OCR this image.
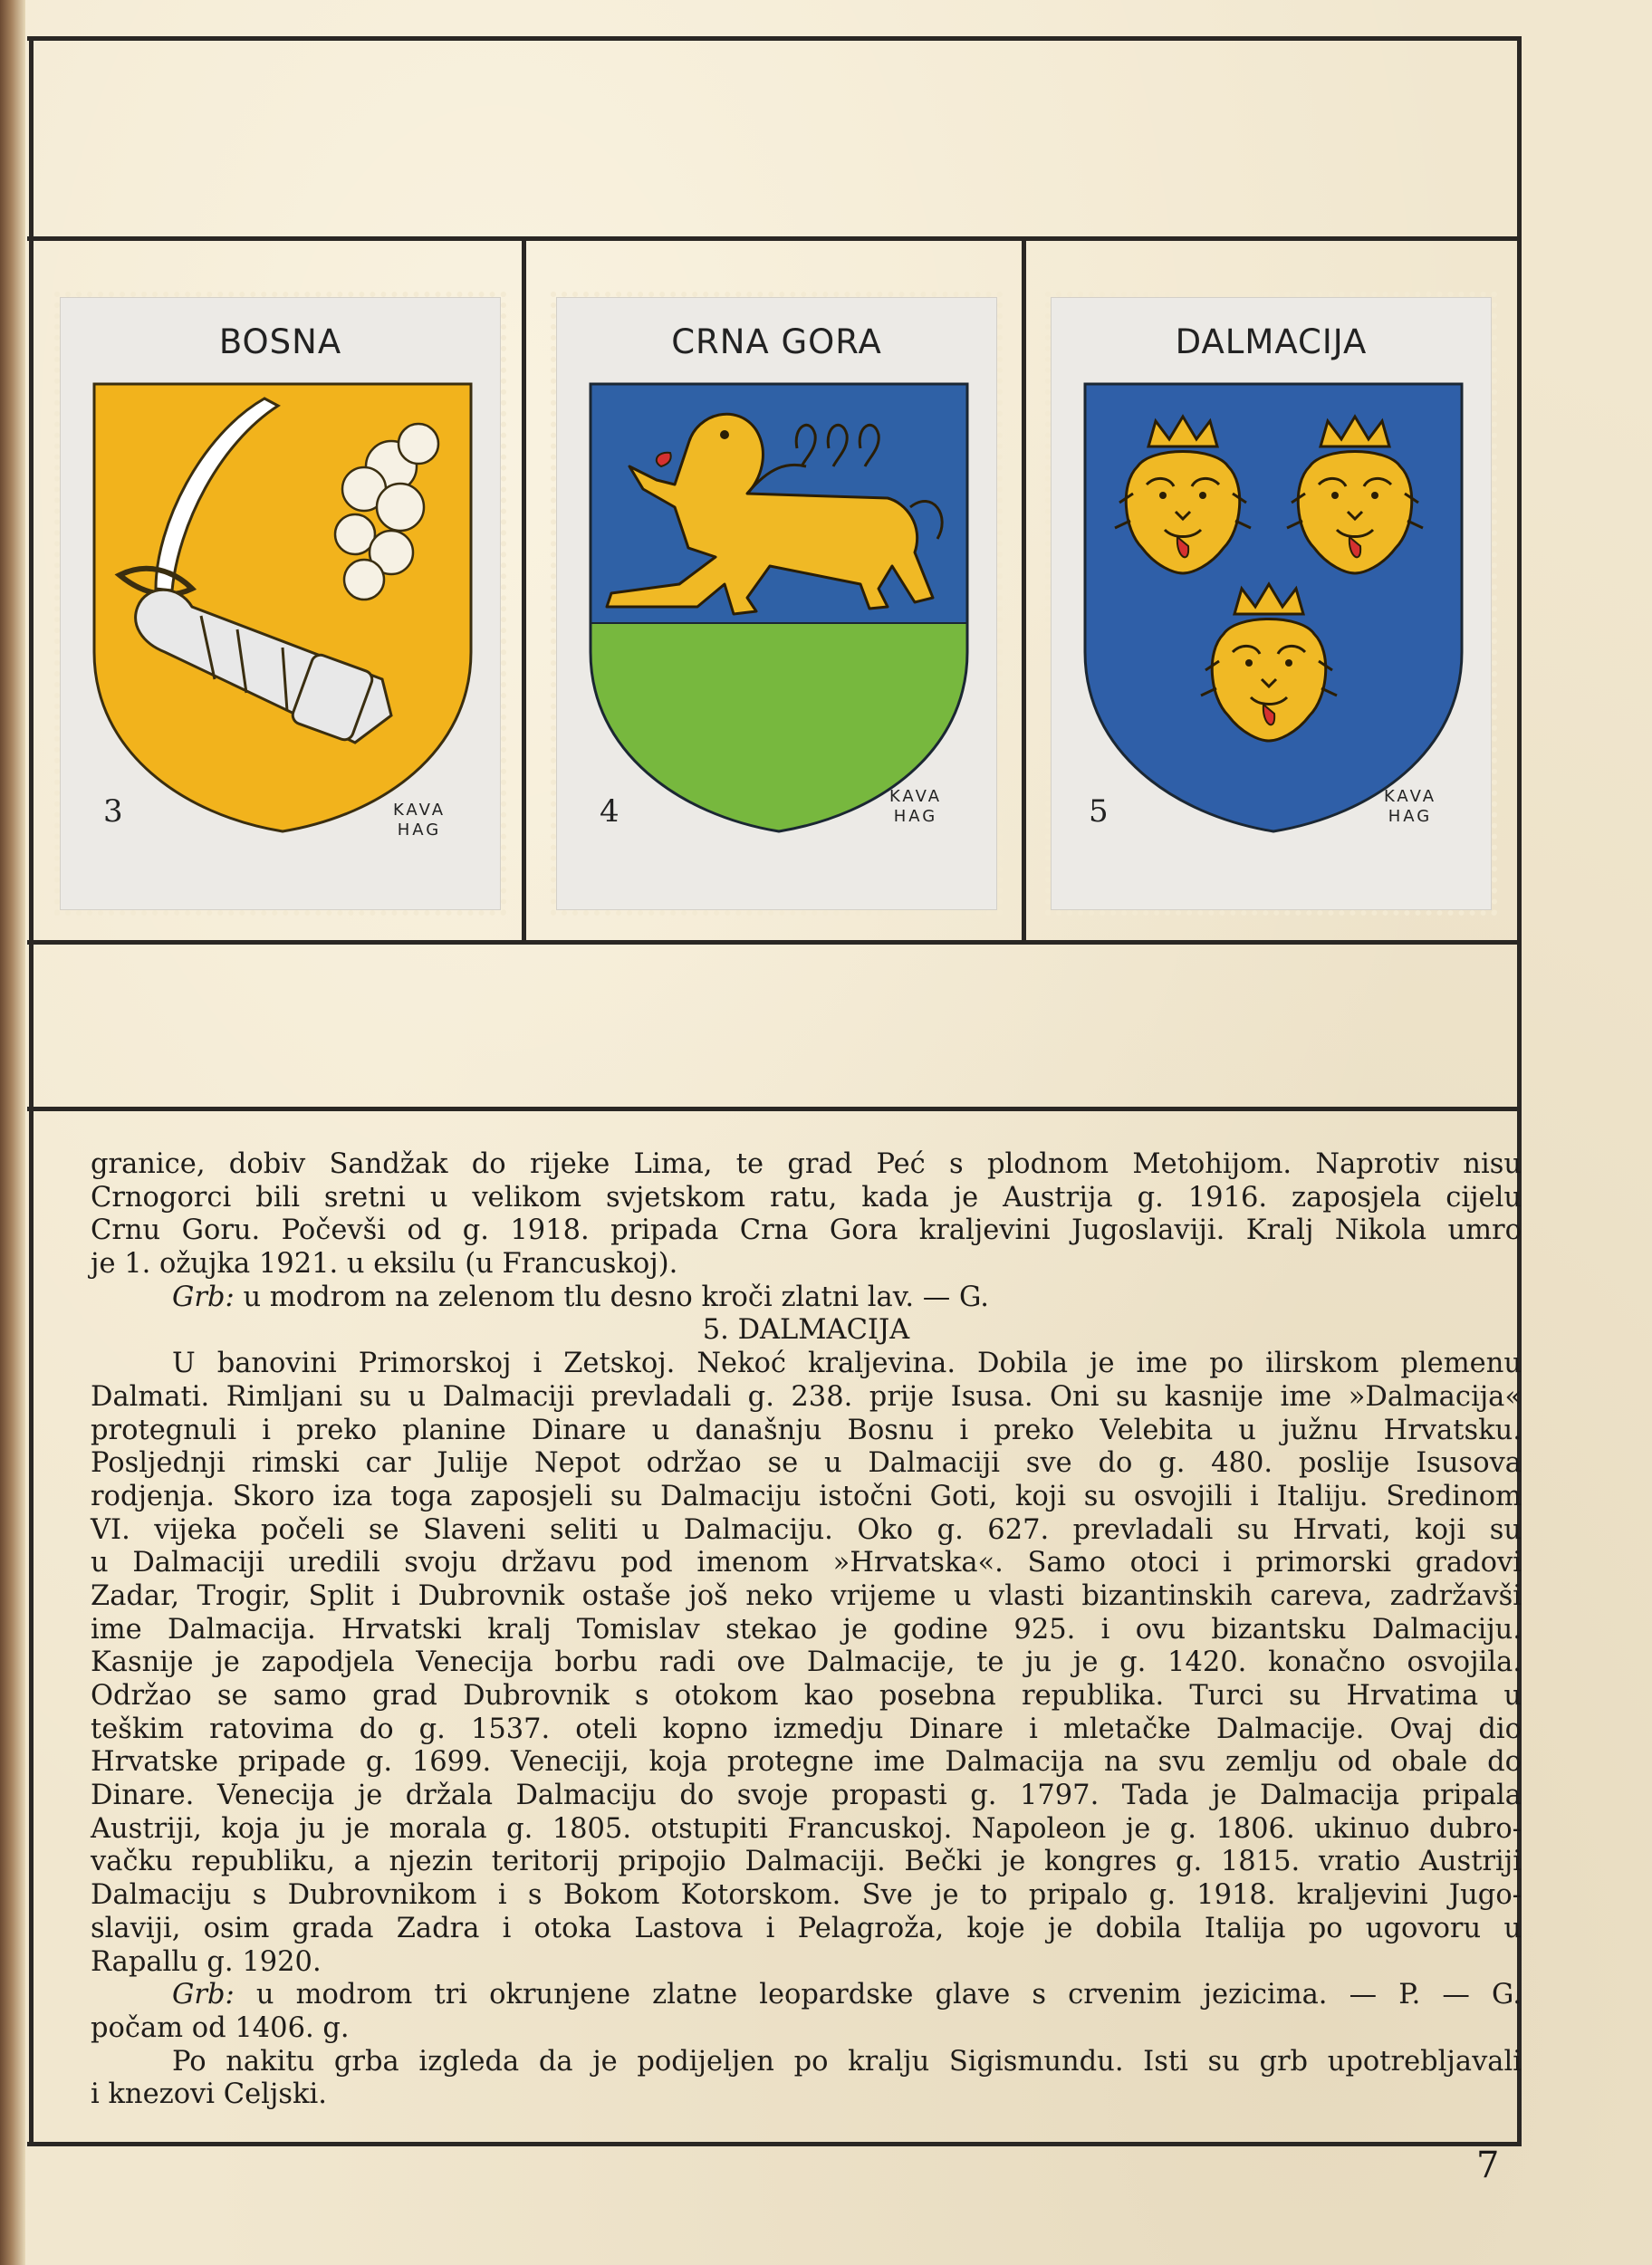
BOSNA
3	KAVA
HAG
CRNA GORA
4	KAVA
HAG
DALMACIJA
5	KAVA
HAG
granice, dobiv Sandžak do rijeke Lima, te grad Peć s plodnom Metohijom. Naprotiv nisu
Crnogorci bili sretni u velikom svjetskom ratu, kada je Austrija g. 1916. zaposjela cijelu
Crnu Goru. Počevši od g. 1918. pripada Crna Gora kraljevini Jugoslaviji. Kralj Nikola umro
je 1. ožujka 1921. u eksilu (u Francuskoj).
Grb: u modrom na zelenom tlu desno kroči zlatni lav. — G.
5. DALMACIJA
U banovini Primorskoj i Zetskoj. Nekoć kraljevina. Dobila je ime po ilirskom plemenu
Dalmati. Rimljani su u Dalmaciji prevladali g. 238. prije Isusa. Oni su kasnije ime »Dalmacija«
protegnuli i preko planine Dinare u današnju Bosnu i preko Velebita u južnu Hrvatsku.
Posljednji rimski car Julije Nepot održao se u Dalmaciji sve do g. 480. poslije Isusova
rodjenja. Skoro iza toga zaposjeli su Dalmaciju istočni Goti, koji su osvojili i Italiju. Sredinom
VI. vijeka počeli se Slaveni seliti u Dalmaciju. Oko g. 627. prevladali su Hrvati, koji su
u Dalmaciji uredili svoju državu pod imenom »Hrvatska«. Samo otoci i primorski gradovi
Zadar, Trogir, Split i Dubrovnik ostaše još neko vrijeme u vlasti bizantinskih careva, zadržavši
ime Dalmacija. Hrvatski kralj Tomislav stekao je godine 925. i ovu bizantsku Dalmaciju.
Kasnije je zapodjela Venecija borbu radi ove Dalmacije, te ju je g. 1420. konačno osvojila.
Održao se samo grad Dubrovnik s otokom kao posebna republika. Turci su Hrvatima u
teškim ratovima do g. 1537. oteli kopno izmedju Dinare i mletačke Dalmacije. Ovaj dio
Hrvatske pripade g. 1699. Veneciji, koja protegne ime Dalmacija na svu zemlju od obale do
Dinare. Venecija je držala Dalmaciju do svoje propasti g. 1797. Tada je Dalmacija pripala
Austriji, koja ju je morala g. 1805. otstupiti Francuskoj. Napoleon je g. 1806. ukinuo dubro-
vačku republiku, a njezin teritorij pripojio Dalmaciji. Bečki je kongres g. 1815. vratio Austriji
Dalmaciju s Dubrovnikom i s Bokom Kotorskom. Sve je to pripalo g. 1918. kraljevini Jugo-
slaviji, osim grada Zadra i otoka Lastova i Pelagroža, koje je dobila Italija po ugovoru u
Rapallu g. 1920.
Grb: u modrom tri okrunjene zlatne leopardske glave s crvenim jezicima. — P. — G.
počam od 1406. g.
Po nakitu grba izgleda da je podijeljen po kralju Sigismundu. Isti su grb upotrebljavali
i knezovi Celjski.
7
